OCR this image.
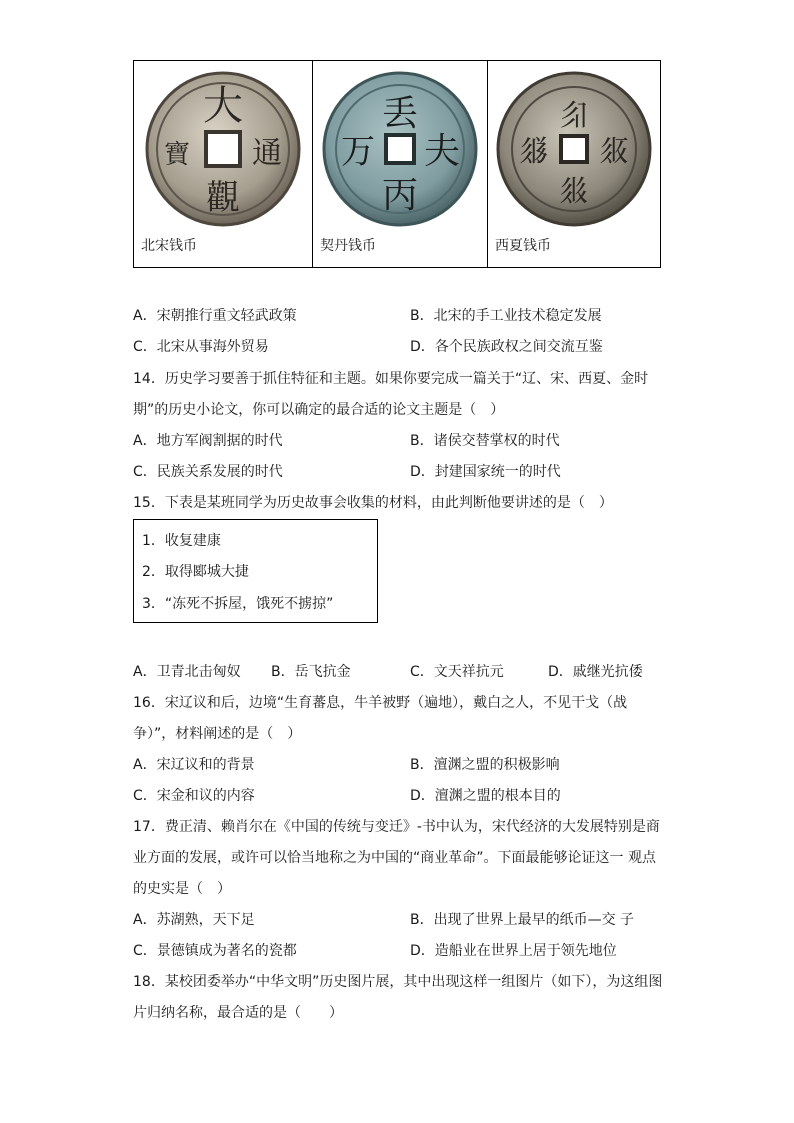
大
通
觀
寶
北宋钱币
丢
夫
丙
万
契丹钱币
𗼃
𗼇
𗼈
𗼉
西夏钱币
A．宋朝推行重文轻武政策	B．北宋的手工业技术稳定发展
C．北宋从事海外贸易	D．各个民族政权之间交流互鉴
14．历史学习要善于抓住特征和主题。如果你要完成一篇关于“辽、宋、西夏、金时
期”的历史小论文，你可以确定的最合适的论文主题是（　）
A．地方军阀割据的时代	B．诸侯交替掌权的时代
C．民族关系发展的时代	D．封建国家统一的时代
15．下表是某班同学为历史故事会收集的材料，由此判断他要讲述的是（　）
1．收复建康
2．取得郾城大捷
3．“冻死不拆屋，饿死不掳掠”
A．卫青北击匈奴 B．岳飞抗金	C．文天祥抗元	D．戚继光抗倭
16．宋辽议和后，边境“生育蕃息，牛羊被野（遍地），戴白之人，不见干戈（战
争）”，材料阐述的是（　）
A．宋辽议和的背景	B．澶渊之盟的积极影响
C．宋金和议的内容	D．澶渊之盟的根本目的
17．费正清、赖肖尔在《中国的传统与变迁》-书中认为，宋代经济的大发展特别是商
业方面的发展，或许可以恰当地称之为中国的“商业革命”。下面最能够论证这一 观点
的史实是（　）
A．苏湖熟，天下足	B．出现了世界上最早的纸币—交 子
C．景德镇成为著名的瓷都	D．造船业在世界上居于领先地位
18．某校团委举办“中华文明”历史图片展，其中出现这样一组图片（如下），为这组图
片归纳名称，最合适的是（　　）
